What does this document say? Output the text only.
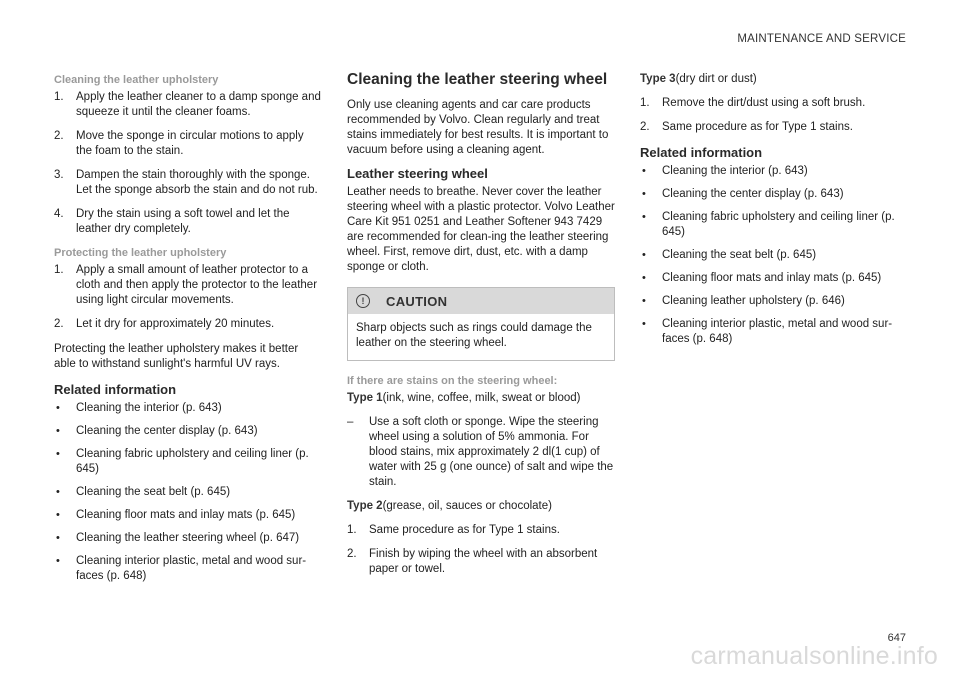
MAINTENANCE AND SERVICE
Cleaning the leather upholstery
1. Apply the leather cleaner to a damp sponge and squeeze it until the cleaner foams.
2. Move the sponge in circular motions to apply the foam to the stain.
3. Dampen the stain thoroughly with the sponge. Let the sponge absorb the stain and do not rub.
4. Dry the stain using a soft towel and let the leather dry completely.
Protecting the leather upholstery
1. Apply a small amount of leather protector to a cloth and then apply the protector to the leather using light circular movements.
2. Let it dry for approximately 20 minutes.

Protecting the leather upholstery makes it better able to withstand sunlight's harmful UV rays.

Related information
• Cleaning the interior (p. 643)
• Cleaning the center display (p. 643)
• Cleaning fabric upholstery and ceiling liner (p. 645)
• Cleaning the seat belt (p. 645)
• Cleaning floor mats and inlay mats (p. 645)
• Cleaning the leather steering wheel (p. 647)
• Cleaning interior plastic, metal and wood sur-faces (p. 648)
Cleaning the leather steering wheel
Only use cleaning agents and car care products recommended by Volvo. Clean regularly and treat stains immediately for best results. It is important to vacuum before using a cleaning agent.
Leather steering wheel

Leather needs to breathe. Never cover the leather steering wheel with a plastic protector. Volvo Leather Care Kit 951 0251 and Leather Softener 943 7429 are recommended for clean-ing the leather steering wheel. First, remove dirt, dust, etc. with a damp sponge or cloth.

!	CAUTION
Sharp objects such as rings could damage the leather on the steering wheel.
If there are stains on the steering wheel:
Type 1(ink, wine, coffee, milk, sweat or blood)
– Use a soft cloth or sponge. Wipe the steering wheel using a solution of 5% ammonia. For blood stains, mix approximately 2 dl(1 cup) of water with 25 g (one ounce) of salt and wipe the stain.
Type 2(grease, oil, sauces or chocolate)
1. Same procedure as for Type 1 stains.
2. Finish by wiping the wheel with an absorbent paper or towel.
Type 3(dry dirt or dust)
1. Remove the dirt/dust using a soft brush.
2. Same procedure as for Type 1 stains.
Related information
• Cleaning the interior (p. 643)
• Cleaning the center display (p. 643)
• Cleaning fabric upholstery and ceiling liner (p. 645)
• Cleaning the seat belt (p. 645)
• Cleaning floor mats and inlay mats (p. 645)
• Cleaning leather upholstery (p. 646)
• Cleaning interior plastic, metal and wood sur-faces (p. 648)
647
carmanualsonline.info
